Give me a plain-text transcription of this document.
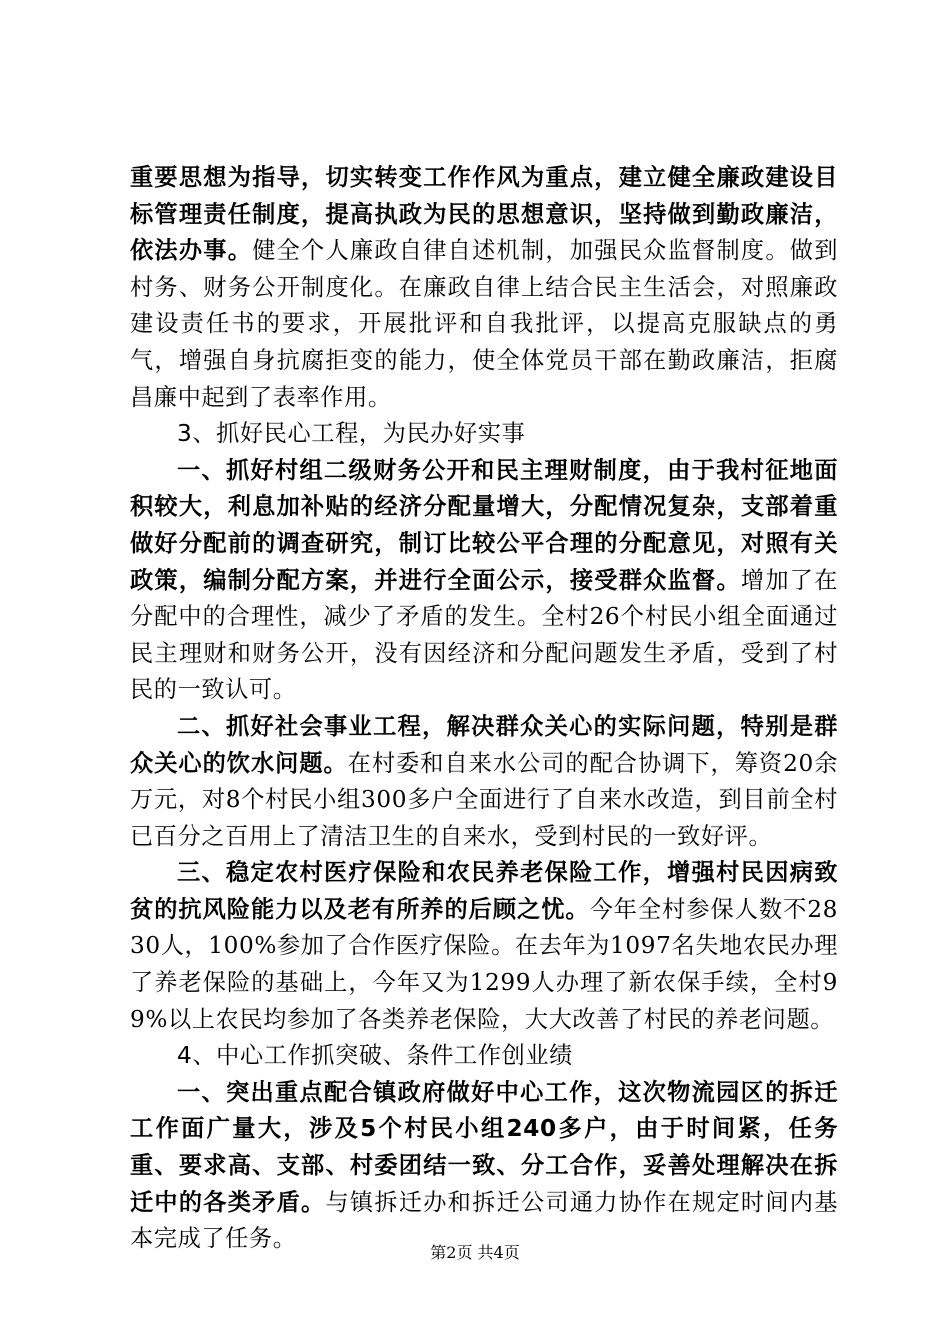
重要思想为指导，切实转变工作作风为重点，建立健全廉政建设目标管理责任制度，提高执政为民的思想意识，坚持做到勤政廉洁，依法办事。健全个人廉政自律自述机制，加强民众监督制度。做到村务、财务公开制度化。在廉政自律上结合民主生活会，对照廉政建设责任书的要求，开展批评和自我批评，以提高克服缺点的勇气，增强自身抗腐拒变的能力，使全体党员干部在勤政廉洁，拒腐昌廉中起到了表率作用。

3、抓好民心工程，为民办好实事

一、抓好村组二级财务公开和民主理财制度，由于我村征地面积较大，利息加补贴的经济分配量增大，分配情况复杂，支部着重做好分配前的调查研究，制订比较公平合理的分配意见，对照有关政策，编制分配方案，并进行全面公示，接受群众监督。增加了在分配中的合理性，减少了矛盾的发生。全村26个村民小组全面通过民主理财和财务公开，没有因经济和分配问题发生矛盾，受到了村民的一致认可。

二、抓好社会事业工程，解决群众关心的实际问题，特别是群众关心的饮水问题。在村委和自来水公司的配合协调下，筹资20余万元，对8个村民小组300多户全面进行了自来水改造，到目前全村已百分之百用上了清洁卫生的自来水，受到村民的一致好评。

三、稳定农村医疗保险和农民养老保险工作，增强村民因病致贫的抗风险能力以及老有所养的后顾之忧。今年全村参保人数不2830人，100%参加了合作医疗保险。在去年为1097名失地农民办理了养老保险的基础上，今年又为1299人办理了新农保手续，全村99%以上农民均参加了各类养老保险，大大改善了村民的养老问题。

4、中心工作抓突破、条件工作创业绩

一、突出重点配合镇政府做好中心工作，这次物流园区的拆迁工作面广量大，涉及5个村民小组240多户，由于时间紧，任务重、要求高、支部、村委团结一致、分工合作，妥善处理解决在拆迁中的各类矛盾。与镇拆迁办和拆迁公司通力协作在规定时间内基本完成了任务。

第2页 共4页
